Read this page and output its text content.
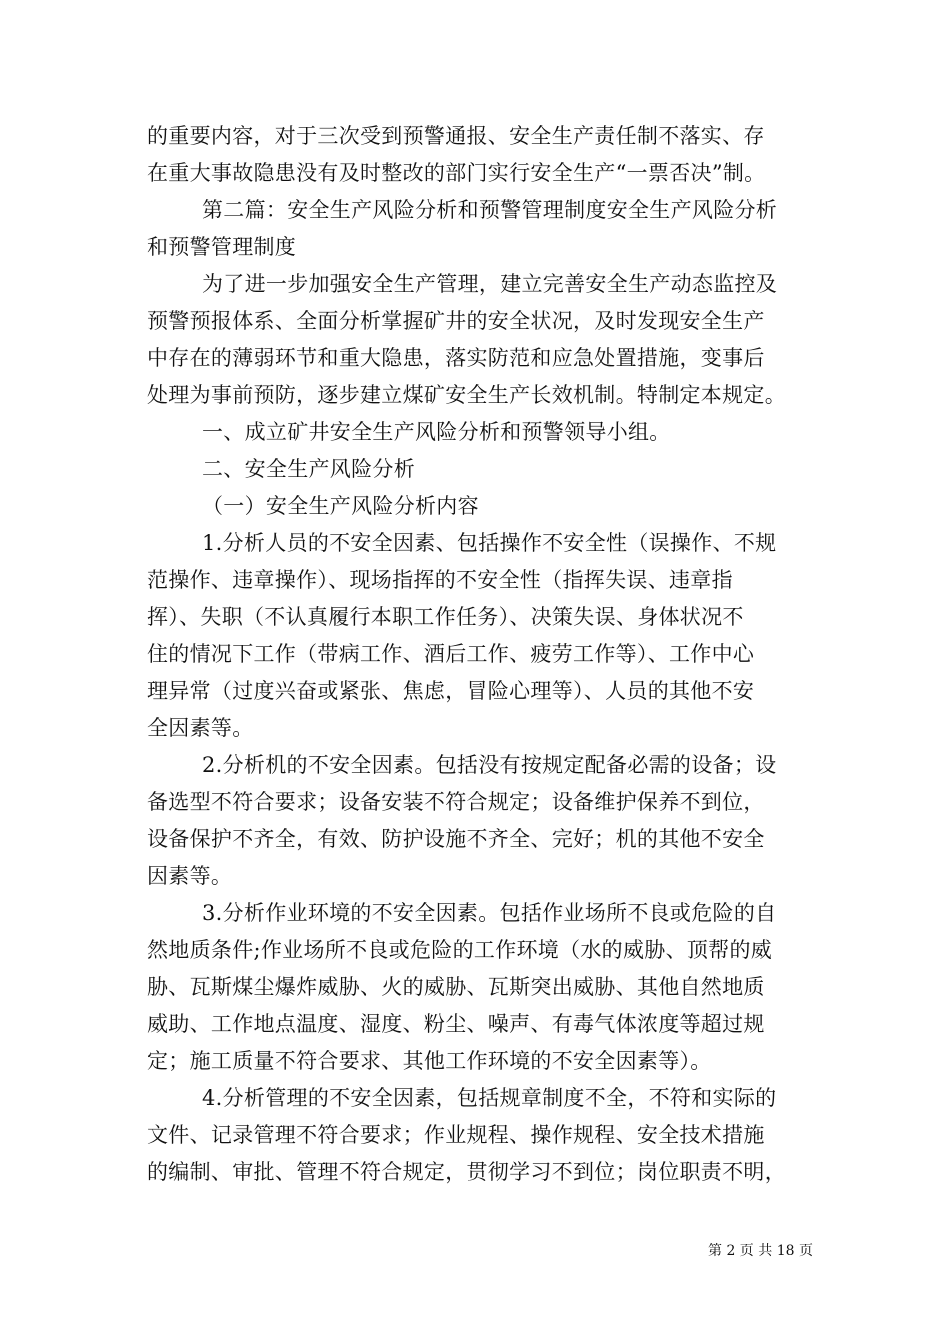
的重要内容，对于三次受到预警通报、安全生产责任制不落实、存
在重大事故隐患没有及时整改的部门实行安全生产“一票否决”制。
第二篇：安全生产风险分析和预警管理制度安全生产风险分析
和预警管理制度
为了进一步加强安全生产管理，建立完善安全生产动态监控及
预警预报体系、全面分析掌握矿井的安全状况，及时发现安全生产
中存在的薄弱环节和重大隐患，落实防范和应急处置措施，变事后
处理为事前预防，逐步建立煤矿安全生产长效机制。特制定本规定。
一、成立矿井安全生产风险分析和预警领导小组。
二、安全生产风险分析
（一）安全生产风险分析内容
1.分析人员的不安全因素、包括操作不安全性（误操作、不规
范操作、违章操作）、现场指挥的不安全性（指挥失误、违章指
挥）、失职（不认真履行本职工作任务）、决策失误、身体状况不
住的情况下工作（带病工作、酒后工作、疲劳工作等）、工作中心
理异常（过度兴奋或紧张、焦虑，冒险心理等）、人员的其他不安
全因素等。
2.分析机的不安全因素。包括没有按规定配备必需的设备；设
备选型不符合要求；设备安装不符合规定；设备维护保养不到位，
设备保护不齐全，有效、防护设施不齐全、完好；机的其他不安全
因素等。
3.分析作业环境的不安全因素。包括作业场所不良或危险的自
然地质条件;作业场所不良或危险的工作环境（水的威胁、顶帮的威
胁、瓦斯煤尘爆炸威胁、火的威胁、瓦斯突出威胁、其他自然地质
威助、工作地点温度、湿度、粉尘、噪声、有毒气体浓度等超过规
定；施工质量不符合要求、其他工作环境的不安全因素等）。
4.分析管理的不安全因素，包括规章制度不全，不符和实际的
文件、记录管理不符合要求；作业规程、操作规程、安全技术措施
的编制、审批、管理不符合规定，贯彻学习不到位；岗位职责不明，
第 2 页 共 18 页
